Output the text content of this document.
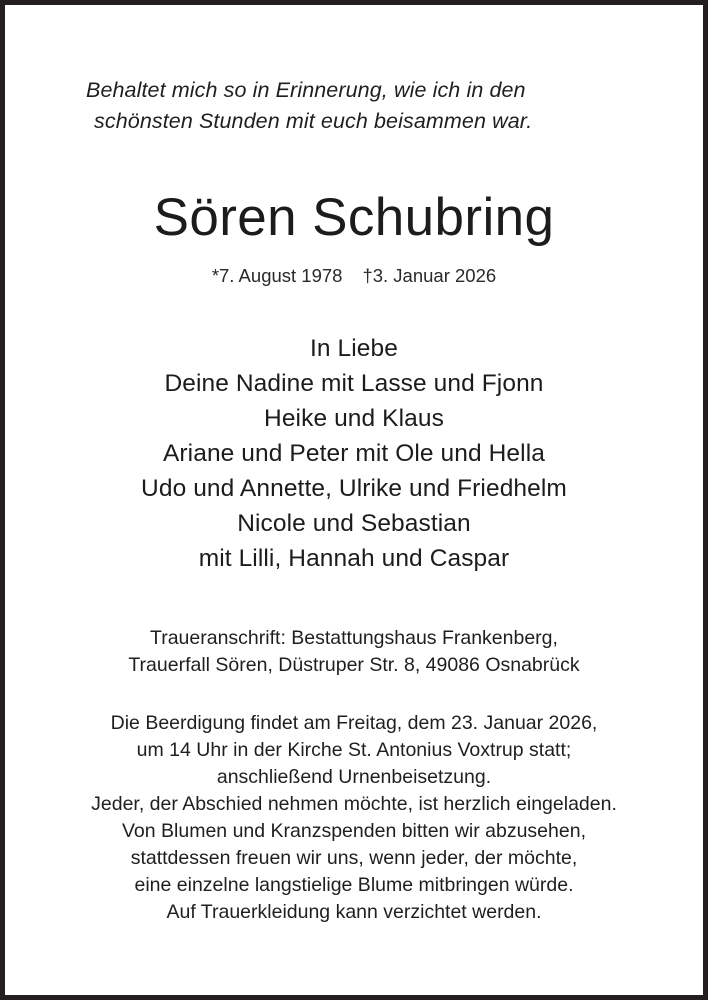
Behaltet mich so in Erinnerung, wie ich in den
schönsten Stunden mit euch beisammen war.
Sören Schubring
*7. August 1978 †3. Januar 2026
In Liebe
Deine Nadine mit Lasse und Fjonn
Heike und Klaus
Ariane und Peter mit Ole und Hella
Udo und Annette, Ulrike und Friedhelm
Nicole und Sebastian
mit Lilli, Hannah und Caspar
Traueranschrift: Bestattungshaus Frankenberg,
Trauerfall Sören, Düstruper Str. 8, 49086 Osnabrück
Die Beerdigung findet am Freitag, dem 23. Januar 2026,
um 14 Uhr in der Kirche St. Antonius Voxtrup statt;
anschließend Urnenbeisetzung.
Jeder, der Abschied nehmen möchte, ist herzlich eingeladen.
Von Blumen und Kranzspenden bitten wir abzusehen,
stattdessen freuen wir uns, wenn jeder, der möchte,
eine einzelne langstielige Blume mitbringen würde.
Auf Trauerkleidung kann verzichtet werden.
